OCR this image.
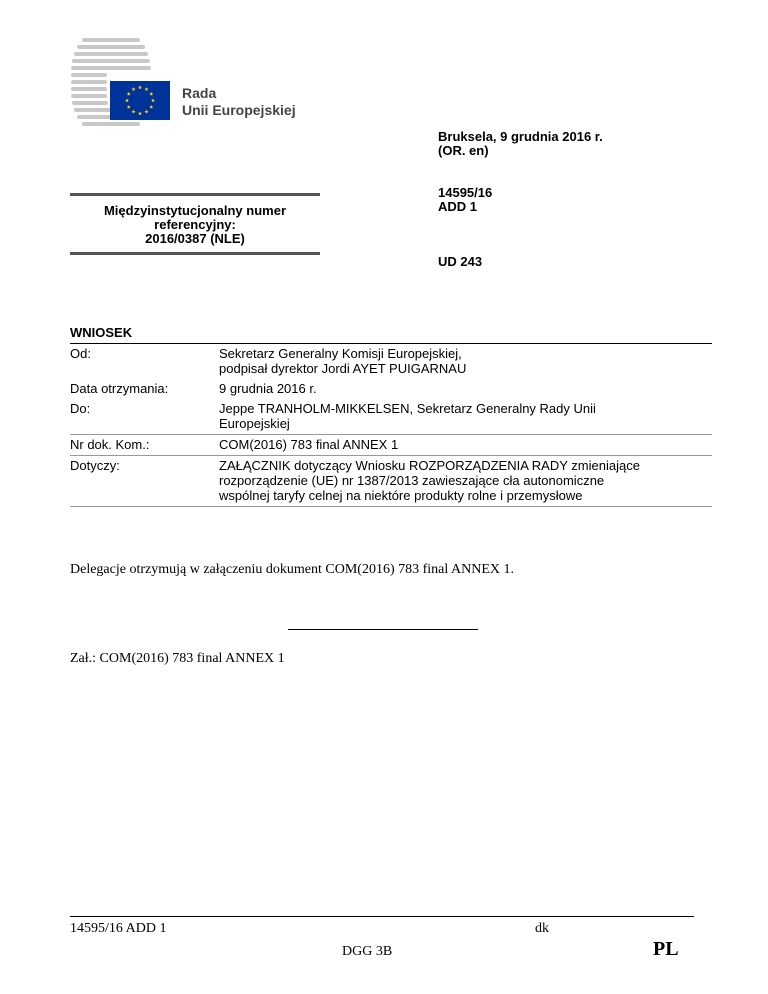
Rada
Unii Europejskiej
Bruksela, 9 grudnia 2016 r.
(OR. en)
14595/16
ADD 1
UD 243
Międzyinstytucjonalny numer
referencyjny:
2016/0387 (NLE)
WNIOSEK
Od:	Sekretarz Generalny Komisji Europejskiej,
podpisał dyrektor Jordi AYET PUIGARNAU

Data otrzymania:	9 grudnia 2016 r.

Do:	Jeppe TRANHOLM-MIKKELSEN, Sekretarz Generalny Rady Unii
Europejskiej

Nr dok. Kom.:	COM(2016) 783 final ANNEX 1

Dotyczy:	ZAŁĄCZNIK dotyczący Wniosku ROZPORZĄDZENIA RADY zmieniające
rozporządzenie (UE) nr 1387/2013 zawieszające cła autonomiczne
wspólnej taryfy celnej na niektóre produkty rolne i przemysłowe
Delegacje otrzymują w załączeniu dokument COM(2016) 783 final ANNEX 1.
Zał.: COM(2016) 783 final ANNEX 1
14595/16 ADD 1	dk
DGG 3B	PL
